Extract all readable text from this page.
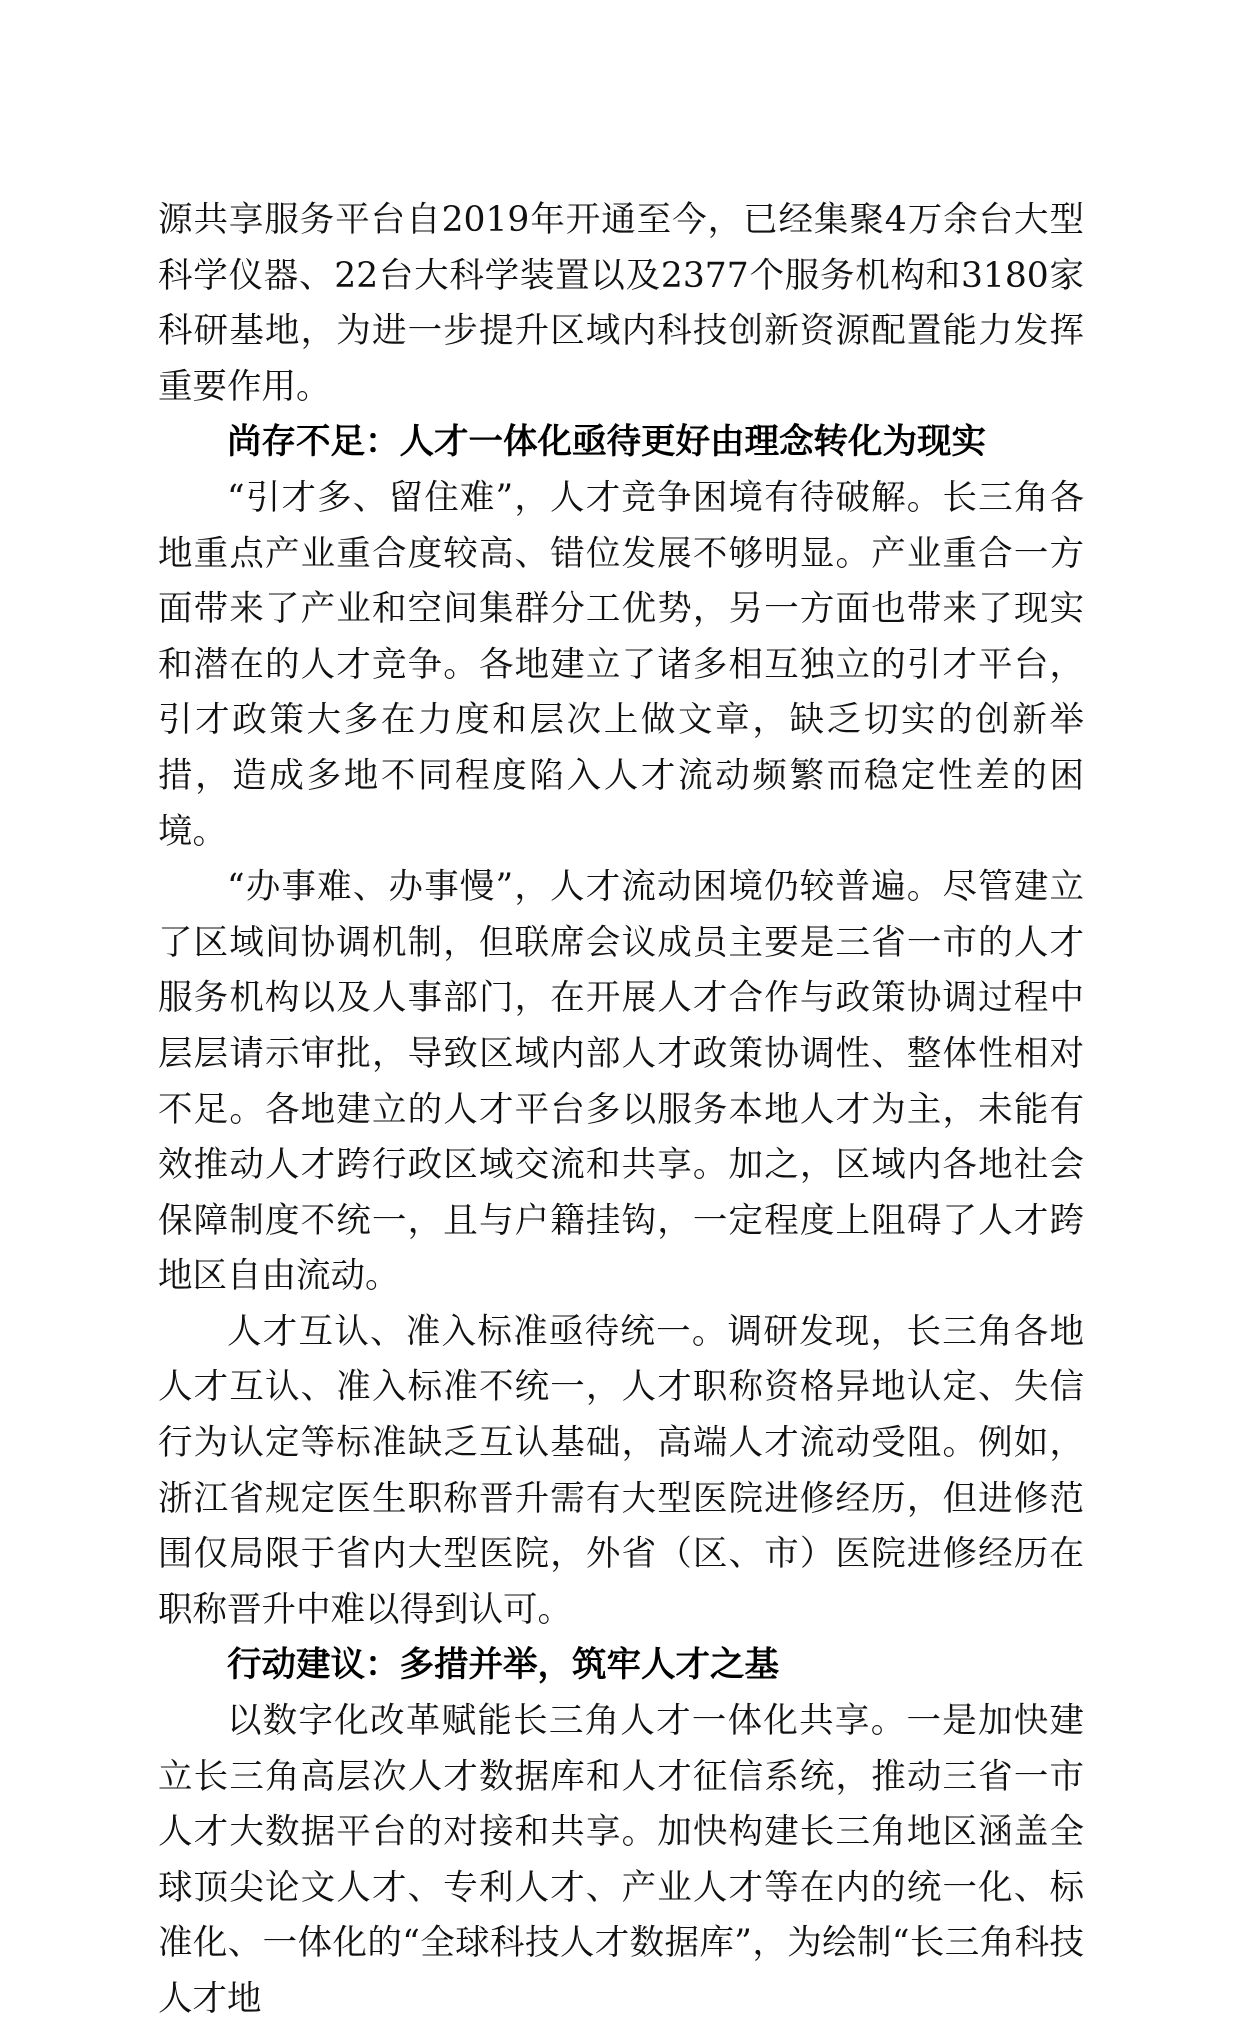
源共享服务平台自2019年开通至今，已经集聚4万余台大型科学仪器、22台大科学装置以及2377个服务机构和3180家科研基地，为进一步提升区域内科技创新资源配置能力发挥重要作用。

尚存不足：人才一体化亟待更好由理念转化为现实

“引才多、留住难”，人才竞争困境有待破解。长三角各地重点产业重合度较高、错位发展不够明显。产业重合一方面带来了产业和空间集群分工优势，另一方面也带来了现实和潜在的人才竞争。各地建立了诸多相互独立的引才平台，引才政策大多在力度和层次上做文章，缺乏切实的创新举措，造成多地不同程度陷入人才流动频繁而稳定性差的困境。

“办事难、办事慢”，人才流动困境仍较普遍。尽管建立了区域间协调机制，但联席会议成员主要是三省一市的人才服务机构以及人事部门，在开展人才合作与政策协调过程中层层请示审批，导致区域内部人才政策协调性、整体性相对不足。各地建立的人才平台多以服务本地人才为主，未能有效推动人才跨行政区域交流和共享。加之，区域内各地社会保障制度不统一，且与户籍挂钩，一定程度上阻碍了人才跨地区自由流动。

人才互认、准入标准亟待统一。调研发现，长三角各地人才互认、准入标准不统一，人才职称资格异地认定、失信行为认定等标准缺乏互认基础，高端人才流动受阻。例如，浙江省规定医生职称晋升需有大型医院进修经历，但进修范围仅局限于省内大型医院，外省（区、市）医院进修经历在职称晋升中难以得到认可。

行动建议：多措并举，筑牢人才之基

以数字化改革赋能长三角人才一体化共享。一是加快建立长三角高层次人才数据库和人才征信系统，推动三省一市人才大数据平台的对接和共享。加快构建长三角地区涵盖全球顶尖论文人才、专利人才、产业人才等在内的统一化、标准化、一体化的“全球科技人才数据库”，为绘制“长三角科技人才地
